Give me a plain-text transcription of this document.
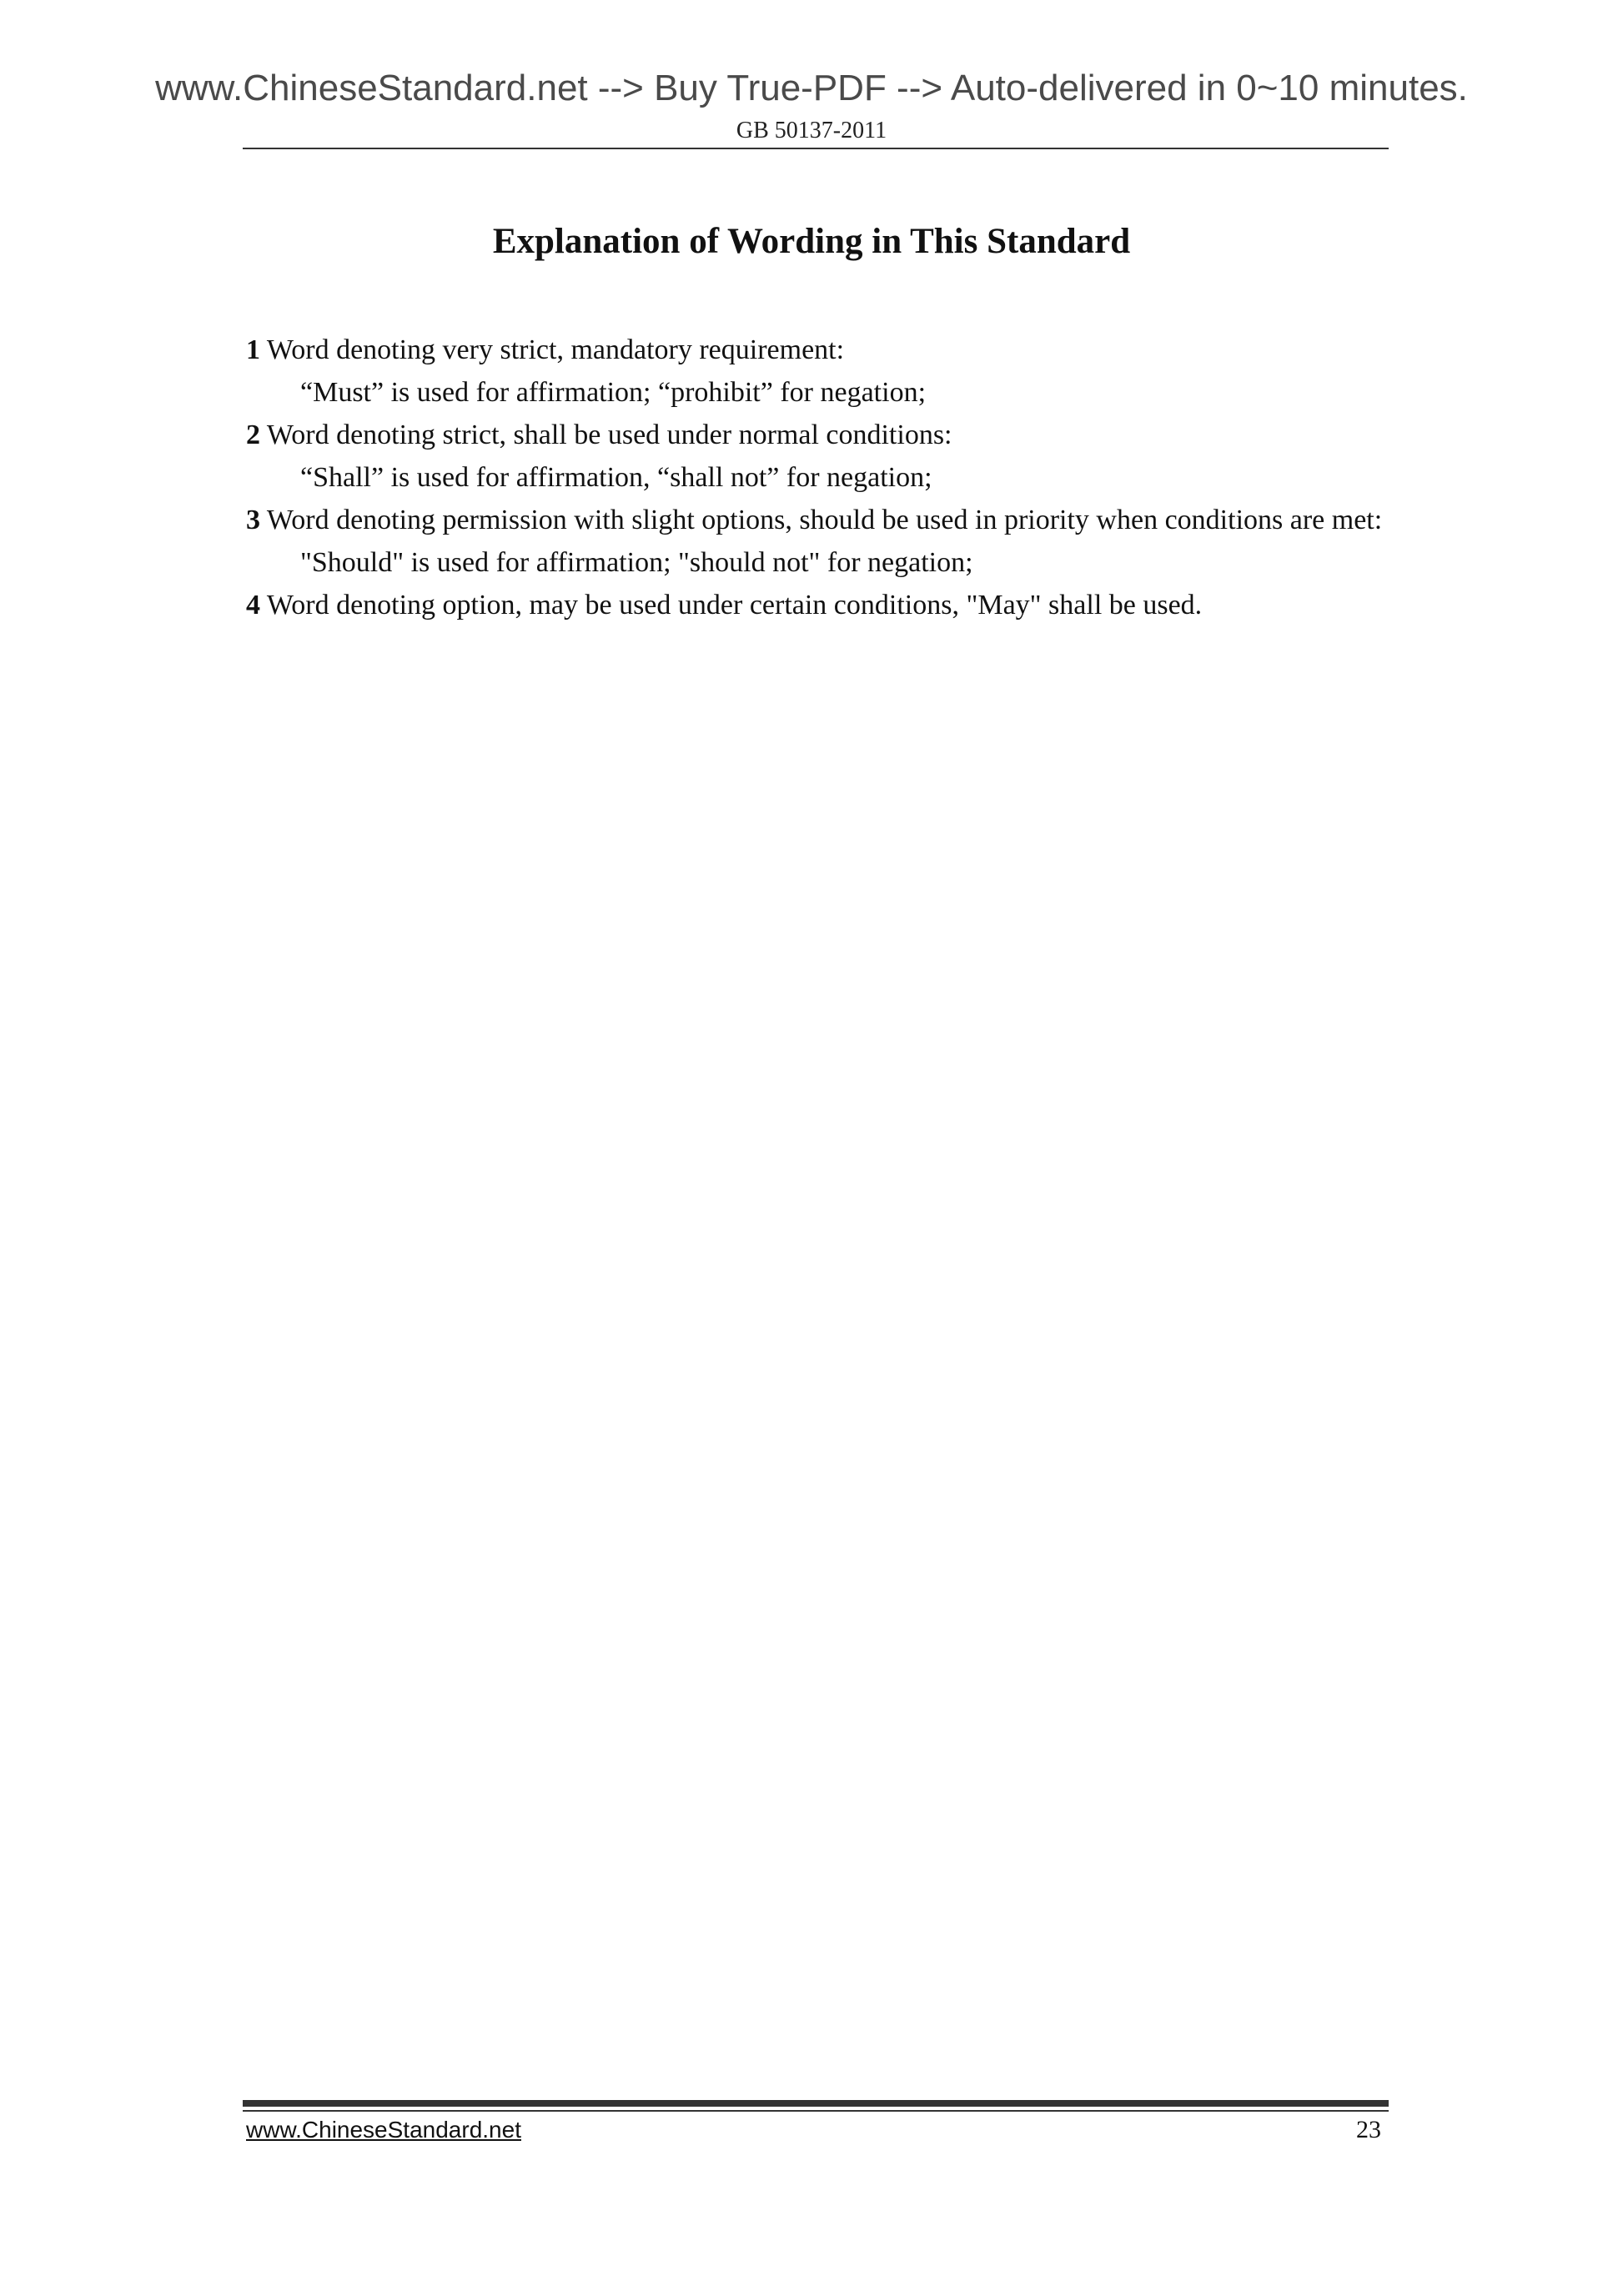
www.ChineseStandard.net --> Buy True-PDF --> Auto-delivered in 0~10 minutes.
GB 50137-2011
Explanation of Wording in This Standard

1 Word denoting very strict, mandatory requirement:

“Must” is used for affirmation; “prohibit” for negation;

2 Word denoting strict, shall be used under normal conditions:

“Shall” is used for affirmation, “shall not” for negation;

3 Word denoting permission with slight options, should be used in priority when conditions are met:

"Should" is used for affirmation; "should not" for negation;

4 Word denoting option, may be used under certain conditions, "May" shall be used.

www.ChineseStandard.net	23
